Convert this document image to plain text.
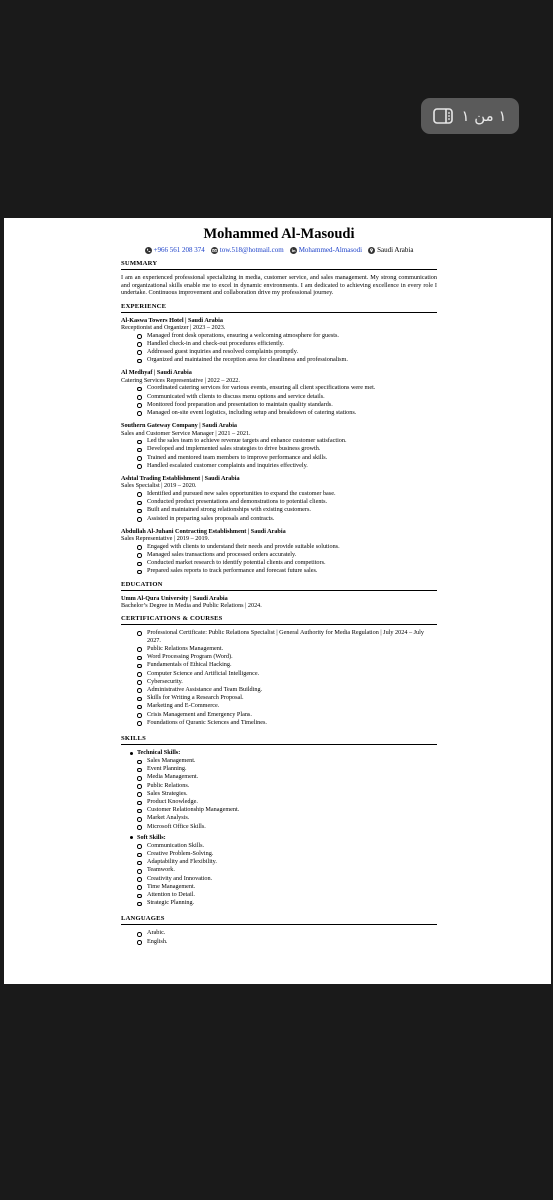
١ من ١
Mohammed Al-Masoudi
+966 561 208 374 tow.518@hotmail.com Mohammed-Almasodi Saudi Arabia
SUMMARY
I am an experienced professional specializing in media, customer service, and sales management. My strong communication and organizational skills enable me to excel in dynamic environments. I am dedicated to achieving excellence in every role I undertake. Continuous improvement and collaboration drive my professional journey.
EXPERIENCE
Al-Kaswa Towers Hotel | Saudi Arabia
Receptionist and Organizer | 2023 – 2023.
Managed front desk operations, ensuring a welcoming atmosphere for guests.
Handled check-in and check-out procedures efficiently.
Addressed guest inquiries and resolved complaints promptly.
Organized and maintained the reception area for cleanliness and professionalism.
Al Medhyaf | Saudi Arabia
Catering Services Representative | 2022 – 2022.
Coordinated catering services for various events, ensuring all client specifications were met.
Communicated with clients to discuss menu options and service details.
Monitored food preparation and presentation to maintain quality standards.
Managed on-site event logistics, including setup and breakdown of catering stations.
Southern Gateway Company | Saudi Arabia
Sales and Customer Service Manager | 2021 – 2021.
Led the sales team to achieve revenue targets and enhance customer satisfaction.
Developed and implemented sales strategies to drive business growth.
Trained and mentored team members to improve performance and skills.
Handled escalated customer complaints and inquiries effectively.
Ashtal Trading Establishment | Saudi Arabia
Sales Specialist | 2019 – 2020.
Identified and pursued new sales opportunities to expand the customer base.
Conducted product presentations and demonstrations to potential clients.
Built and maintained strong relationships with existing customers.
Assisted in preparing sales proposals and contracts.
Abdullah Al-Juhani Contracting Establishment | Saudi Arabia
Sales Representative | 2019 – 2019.
Engaged with clients to understand their needs and provide suitable solutions.
Managed sales transactions and processed orders accurately.
Conducted market research to identify potential clients and competitors.
Prepared sales reports to track performance and forecast future sales.
EDUCATION
Umm Al-Qura University | Saudi Arabia
Bachelor’s Degree in Media and Public Relations | 2024.
CERTIFICATIONS & COURSES
Professional Certificate: Public Relations Specialist | General Authority for Media Regulation | July 2024 – July 2027.
Public Relations Management.
Word Processing Program (Word).
Fundamentals of Ethical Hacking.
Computer Science and Artificial Intelligence.
Cybersecurity.
Administrative Assistance and Team Building.
Skills for Writing a Research Proposal.
Marketing and E-Commerce.
Crisis Management and Emergency Plans.
Foundations of Quranic Sciences and Timelines.
SKILLS
Technical Skills:
Sales Management.
Event Planning.
Media Management.
Public Relations.
Sales Strategies.
Product Knowledge.
Customer Relationship Management.
Market Analysis.
Microsoft Office Skills.
Soft Skills:
Communication Skills.
Creative Problem-Solving.
Adaptability and Flexibility.
Teamwork.
Creativity and Innovation.
Time Management.
Attention to Detail.
Strategic Planning.
LANGUAGES
Arabic.
English.
